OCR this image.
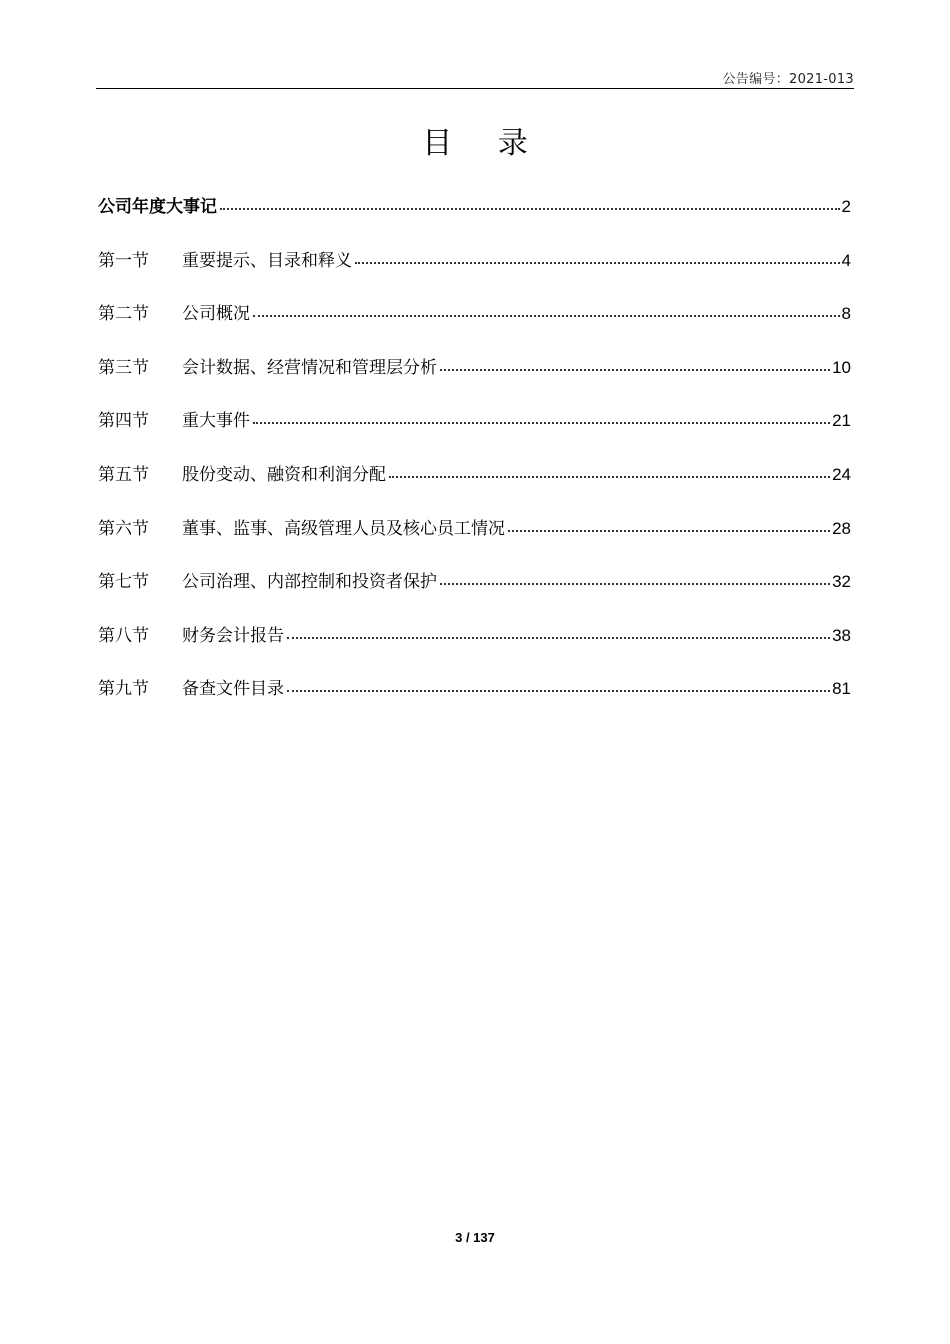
公告编号：2021-013
目 录
公司年度大事记	2
第一节	重要提示、目录和释义	4
第二节	公司概况	8
第三节	会计数据、经营情况和管理层分析	10
第四节	重大事件	21
第五节	股份变动、融资和利润分配	24
第六节	董事、监事、高级管理人员及核心员工情况	28
第七节	公司治理、内部控制和投资者保护	32
第八节	财务会计报告	38
第九节	备查文件目录	81
3 / 137
